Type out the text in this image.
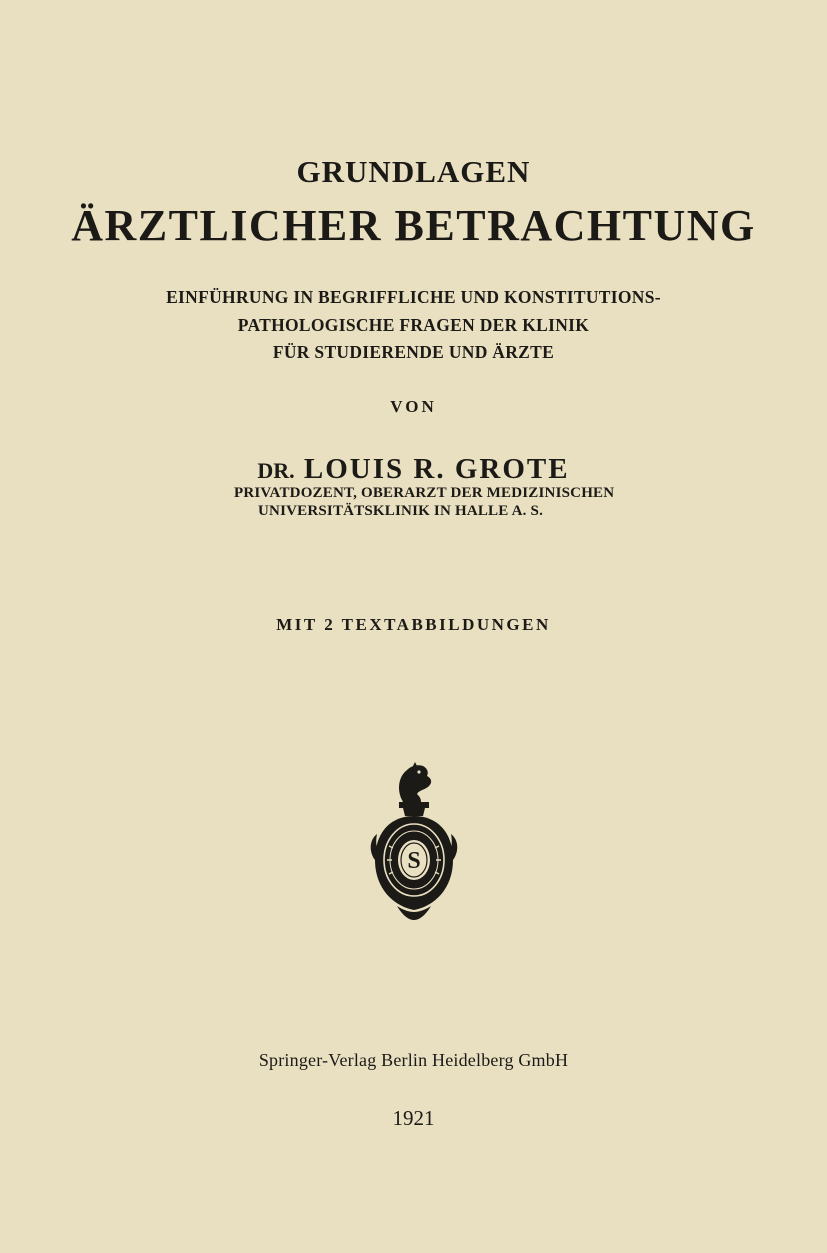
GRUNDLAGEN
ÄRZTLICHER BETRACHTUNG
EINFÜHRUNG IN BEGRIFFLICHE UND KONSTITUTIONS-
PATHOLOGISCHE FRAGEN DER KLINIK
FÜR STUDIERENDE UND ÄRZTE
VON
DR. LOUIS R. GROTE
PRIVATDOZENT, OBERARZT DER MEDIZINISCHEN
UNIVERSITÄTSKLINIK IN HALLE A. S.
MIT 2 TEXTABBILDUNGEN
S
Springer-Verlag Berlin Heidelberg GmbH
1921
